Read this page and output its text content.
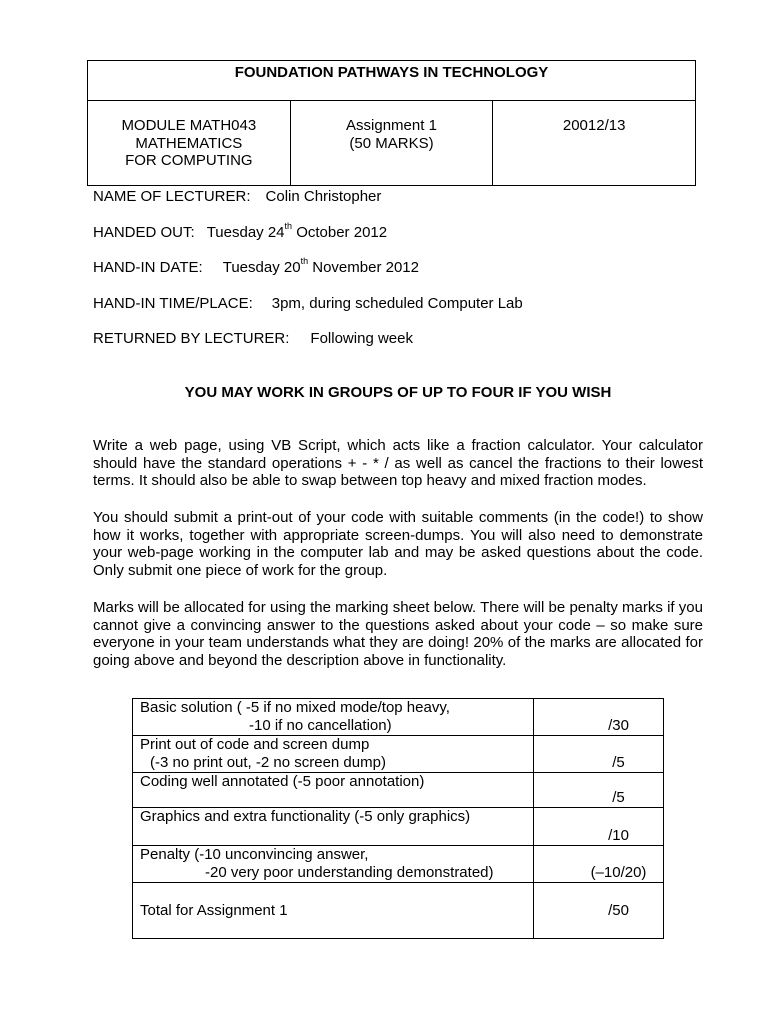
FOUNDATION PATHWAYS IN TECHNOLOGY

MODULE MATH043
MATHEMATICS
FOR COMPUTING

Assignment 1
(50 MARKS)

20012/13
NAME OF LECTURER: Colin Christopher
HANDED OUT: Tuesday 24th October 2012
HAND-IN DATE: Tuesday 20th November 2012
HAND-IN TIME/PLACE: 3pm, during scheduled Computer Lab
RETURNED BY LECTURER: Following week
YOU MAY WORK IN GROUPS OF UP TO FOUR IF YOU WISH
Write a web page, using VB Script, which acts like a fraction calculator. Your calculator should have the standard operations + - * / as well as cancel the fractions to their lowest terms. It should also be able to swap between top heavy and mixed fraction modes.
You should submit a print-out of your code with suitable comments (in the code!) to show how it works, together with appropriate screen-dumps. You will also need to demonstrate your web-page working in the computer lab and may be asked questions about the code. Only submit one piece of work for the group.
Marks will be allocated for using the marking sheet below. There will be penalty marks if you cannot give a convincing answer to the questions asked about your code – so make sure everyone in your team understands what they are doing! 20% of the marks are allocated for going above and beyond the description above in functionality.
Basic solution ( -5 if no mixed mode/top heavy,
-10 if no cancellation)	/30

Print out of code and screen dump
(-3 no print out, -2 no screen dump)	/5

Coding well annotated (-5 poor annotation)	/5

Graphics and extra functionality (-5 only graphics)	/10

Penalty (-10 unconvincing answer,
-20 very poor understanding demonstrated)	(–10/20)

Total for Assignment 1	/50
